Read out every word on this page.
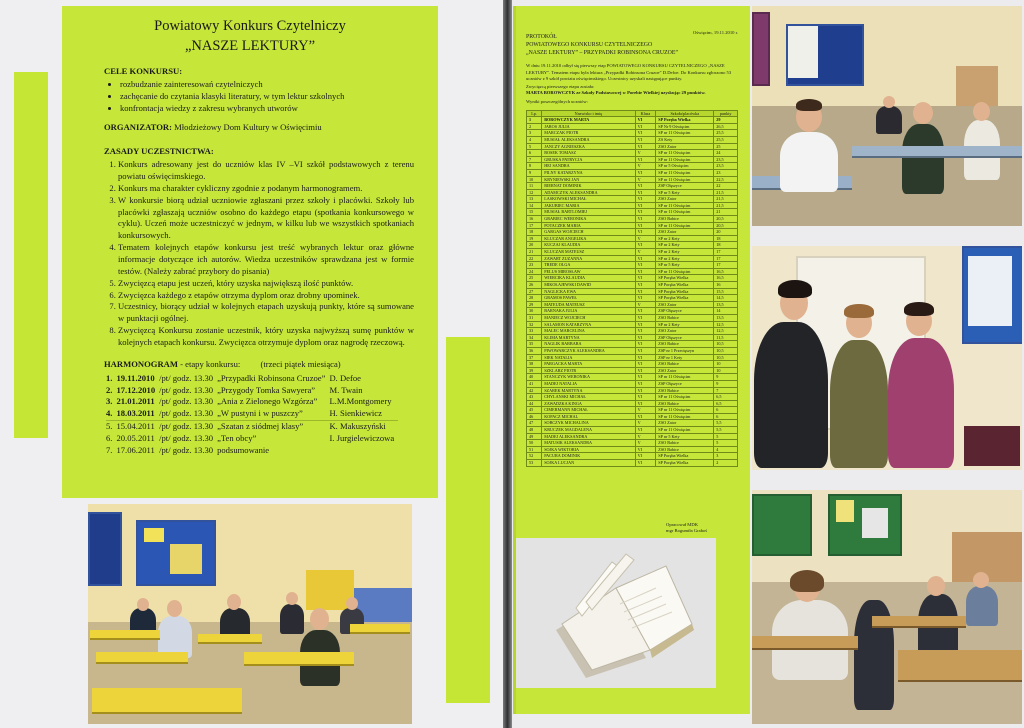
Powiatowy Konkurs Czytelniczy
„NASZE LEKTURY”
CELE KONKURSU:
• rozbudzanie zainteresowań czytelniczych
• zachęcanie do czytania klasyki literatury, w tym lektur szkolnych
• konfrontacja wiedzy z zakresu wybranych utworów
ORGANIZATOR: Młodzieżowy Dom Kultury w Oświęcimiu
ZASADY UCZESTNICTWA:
1. Konkurs adresowany jest do uczniów klas IV –VI szkół podstawowych z terenu powiatu oświęcimskiego.
2. Konkurs ma charakter cykliczny zgodnie z podanym harmonogramem.
3. W konkursie biorą udział uczniowie zgłaszani przez szkoły i placówki. Szkoły lub placówki zgłaszają uczniów osobno do każdego etapu (spotkania konkursowego w cyklu). Uczeń może uczestniczyć w jednym, w kilku lub we wszystkich spotkaniach konkursowych.
4. Tematem kolejnych etapów konkursu jest treść wybranych lektur oraz główne informacje dotyczące ich autorów. Wiedza uczestników sprawdzana jest w formie testów. (Należy zabrać przybory do pisania)
5. Zwycięzcą etapu jest uczeń, który uzyska największą ilość punktów.
6. Zwycięzca każdego z etapów otrzyma dyplom oraz drobny upominek.
7. Uczestnicy, biorący udział w kolejnych etapach uzyskują punkty, które są sumowane w punktacji ogólnej.
8. Zwycięzcą Konkursu zostanie uczestnik, który uzyska najwyższą sumę punktów w kolejnych etapach konkursu. Zwycięzca otrzymuje dyplom oraz nagrodę rzeczową.
HARMONOGRAM - etapy konkursu: (trzeci piątek miesiąca)
1.	19.11.2010	/pt/ godz. 13.30	„Przypadki Robinsona Cruzoe”	D. Defoe
2.	17.12.2010	/pt/ godz. 13.30	„Przygody Tomka Sawyera”	M. Twain
3.	21.01.2011	/pt/ godz. 13.30	„Ania z Zielonego Wzgórza”	L.M.Montgomery
4.	18.03.2011	/pt/ godz. 13.30	„W pustyni i w puszczy”	H. Sienkiewicz
5.	15.04.2011	/pt/ godz. 13.30	„Szatan z siódmej klasy”	K. Makuszyński
6.	20.05.2011	/pt/ godz. 13.30	„Ten obcy”	I. Jurgielewiczowa
7.	17.06.2011	/pt/ godz. 13.30	podsumowanie	
Oświęcim, 19.11.2010 r.
PROTOKÓŁ
POWIATOWEGO KONKURSU CZYTELNICZEGO
„NASZE LEKTURY” – PRZYPADKI ROBINSONA CRUZOE”
W dniu 19.11.2010 odbył się pierwszy etap POWIATOWEGO KONKURSU CZYTELNICZEGO „NASZE LEKTURY”. Tematem etapu była lektura „Przypadki Robinsona Cruzoe” D.Defoe. Do Konkursu zgłoszono 53 uczniów z 9 szkół powiatu oświęcimskiego. Uczestnicy uzyskali następujące punkty.
Zwycięzcą pierwszego etapu została:
MARTA BOROWCZYK ze Szkoły Podstawowej w Porebie Wielkiej uzyskując 29 punktów.
Wyniki poszczególnych uczniów:
Lp.	Nazwisko i imię	Klasa	Szkoła/placówka	punkty
1	BOROWCZYK MARTA	VI	SP Poręba Wielka	29
2	JAROS JULIA	VI	SP Nr 9 Oświęcim	26,5
3	MARCZAK PIOTR	VI	SP nr 11 Oświęcim	25,5
4	MUSIAŁ ALEKSANDRA	VI	ZS Kety	25,5
5	JANCZY AGNIESZKA	VI	ZSO Zator	25
6	BOSEK TOMASZ	V	SP nr 11 Oświęcim	24
7	GRUSKA PATRYCJA	VI	SP nr 11 Oświęcim	23,5
8	HEJ SANDRA	V	SP nr 5 Oświęcim	23,5
9	PILNY KATARZYNA	VI	SP nr 11 Oświęcim	23
10	KRYNIEWSKI JAN	V	SP nr 11 Oświęcim	22,5
11	BIERNAT DOMINIK	VI	ZSP Olęszyce	22
12	ADAMCZYK ALEKSANDRA	VI	SP nr 5 Kety	21,5
13	LASKOWSKI MICHAŁ	VI	ZSO Zator	21,5
14	JAKUBIEC MARIA	VI	SP nr 11 Oświęcim	21,5
15	MUSIAŁ BARTLOMIEJ	VI	SP nr 11 Oświęcim	21
16	GRABIEC WERONIKA	VI	ZSO Babice	20,5
17	POTACZEK MARIA	VI	SP nr 11 Oświęcim	20,5
18	GARGAS WOJCIECH	VI	ZSO Zator	20
19	KLUCZAR ANGELIKA	V	SP nr 2 Kety	18
20	KUCZAJ KLAUDIA	VI	SP nr 2 Kety	18
21	KLUCZAR MATEUSZ	V	SP nr 2 Kety	17
22	ZAWART ZUZANNA	VI	SP nr 2 Kety	17
23	TREDE OLGA	VI	SP nr 5 Kety	17
24	FELUS MIROSŁAW	VI	SP nr 11 Oświęcim	16,5
25	WIERCIKA KLAUDIA	VI	SP Poręba Wielka	16,5
26	MIKOŁAJEWSKI DAWID	VI	SP Poręba Wielka	16
27	NAGLICKA EWA	VI	SP Poręba Wielka	15,5
28	GRAMOS PAWEŁ	VI	SP Poręba Wielka	14,5
29	MATEUDA MATEUSZ	V	ZSO Zator	13,5
30	BARNAKA JULIA	VI	ZSP Olęszyce	14
31	MANIECZ WOJCIECH	VI	ZSO Babice	13,5
32	SALAMON KATARZYNA	VI	SP nr 2 Kety	12,5
33	MALEC MARCELINA	VI	ZSO Zator	12,5
34	KLIMA MARTYNA	VI	ZSP Olęszyce	11,5
35	NAGLIK BARBARA	VI	ZSO Babice	10,5
36	PIWOWARCZYK ALEKSANDRA	VI	ZSP nr 1 Przecięszyn	10,5
37	SIEK NATALIA	VI	ZSP nr 1 Kety	10,5
38	PARGACKA MARTA	VI	ZSO Babice	10
39	SZKLARZ PIOTR	VI	ZSO Zator	10
40	STANCZYK WERONIKA	VI	SP nr 11 Oświęcim	9
41	MADEJ NATALIA	VI	ZSP Olęszyce	9
42	SZAREK MARTYNA	VI	ZSO Babice	7
43	CHYLANSKI MICHAŁ	VI	SP nr 11 Oświęcim	6,5
44	ZAWADZKA KINGA	VI	ZSO Babice	6,5
45	CIMERMANN MICHAŁ	V	SP nr 11 Oświęcim	6
46	KOPACZ MICHAL	VI	SP nr 11 Oświęcim	6
47	SOBCZYK MICHALINA	V	ZSO Zator	5,5
48	KRUCZEK MAGDALENA	VI	SP nr 11 Oświęcim	5,5
49	MADEJ ALEKSANDRA	V	SP nr 5 Kety	5
50	MATUSIK ALEKSANDRA	V	ZSO Babice	5
51	SOJKA WIKTORIA	VI	ZSO Babice	4
52	PACURA DOMINIK	VI	SP Poręba Wielka	3
53	SOJKA LUCJAN	VI	SP Poręba Wielka	2
Opracował MDK
mgr Bogumiła Graboś
